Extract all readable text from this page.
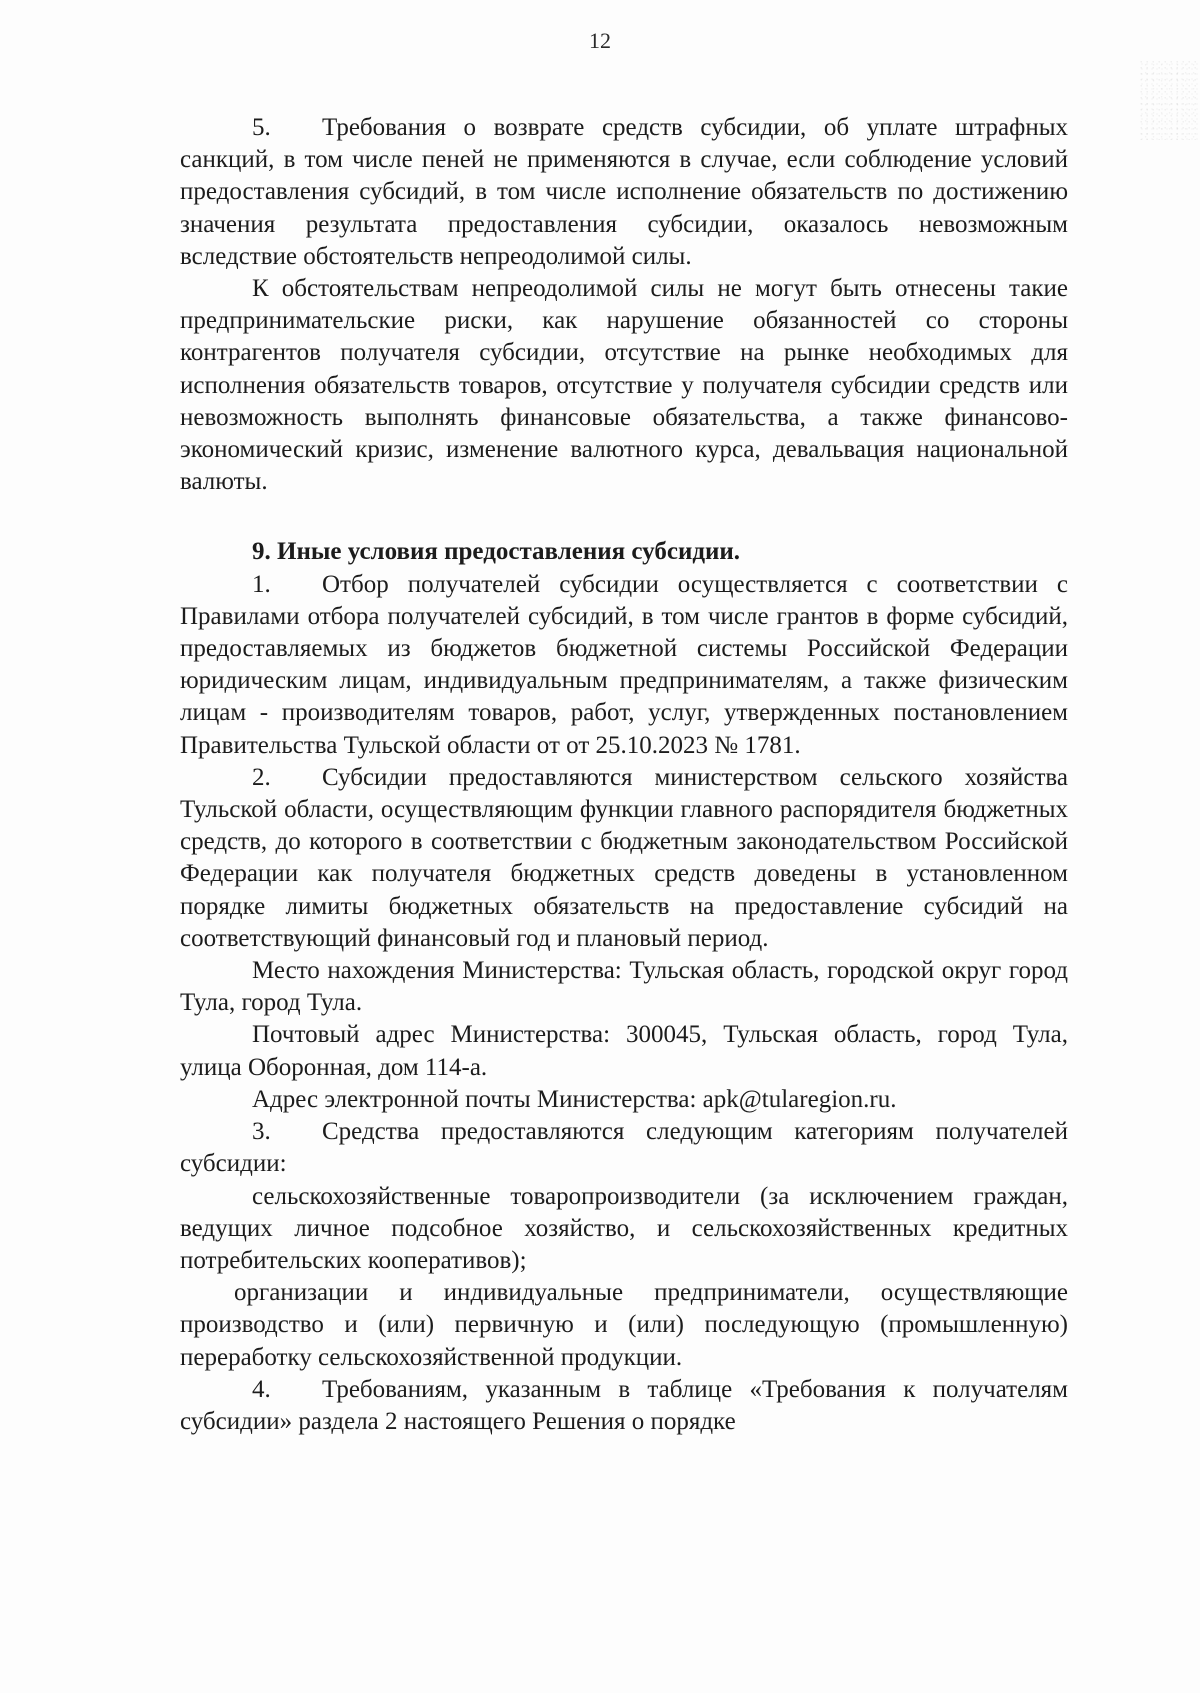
12

5. Требования о возврате средств субсидии, об уплате штрафных санкций, в том числе пеней не применяются в случае, если соблюдение условий предоставления субсидий, в том числе исполнение обязательств по достижению значения результата предоставления субсидии, оказалось невозможным вследствие обстоятельств непреодолимой силы.

К обстоятельствам непреодолимой силы не могут быть отнесены такие предпринимательские риски, как нарушение обязанностей со стороны контрагентов получателя субсидии, отсутствие на рынке необходимых для исполнения обязательств товаров, отсутствие у получателя субсидии средств или невозможность выполнять финансовые обязательства, а также финансово-экономический кризис, изменение валютного курса, девальвация национальной валюты.

9. Иные условия предоставления субсидии.

1. Отбор получателей субсидии осуществляется с соответствии с Правилами отбора получателей субсидий, в том числе грантов в форме субсидий, предоставляемых из бюджетов бюджетной системы Российской Федерации юридическим лицам, индивидуальным предпринимателям, а также физическим лицам - производителям товаров, работ, услуг, утвержденных постановлением Правительства Тульской области от от 25.10.2023 № 1781.

2. Субсидии предоставляются министерством сельского хозяйства Тульской области, осуществляющим функции главного распорядителя бюджетных средств, до которого в соответствии с бюджетным законодательством Российской Федерации как получателя бюджетных средств доведены в установленном порядке лимиты бюджетных обязательств на предоставление субсидий на соответствующий финансовый год и плановый период.

Место нахождения Министерства: Тульская область, городской округ город Тула, город Тула.

Почтовый адрес Министерства: 300045, Тульская область, город Тула, улица Оборонная, дом 114-а.

Адрес электронной почты Министерства: apk@tularegion.ru.

3. Средства предоставляются следующим категориям получателей субсидии:

сельскохозяйственные товаропроизводители (за исключением граждан, ведущих личное подсобное хозяйство, и сельскохозяйственных кредитных потребительских кооперативов);

организации и индивидуальные предприниматели, осуществляющие производство и (или) первичную и (или) последующую (промышленную) переработку сельскохозяйственной продукции.

4. Требованиям, указанным в таблице «Требования к получателям субсидии» раздела 2 настоящего Решения о порядке
